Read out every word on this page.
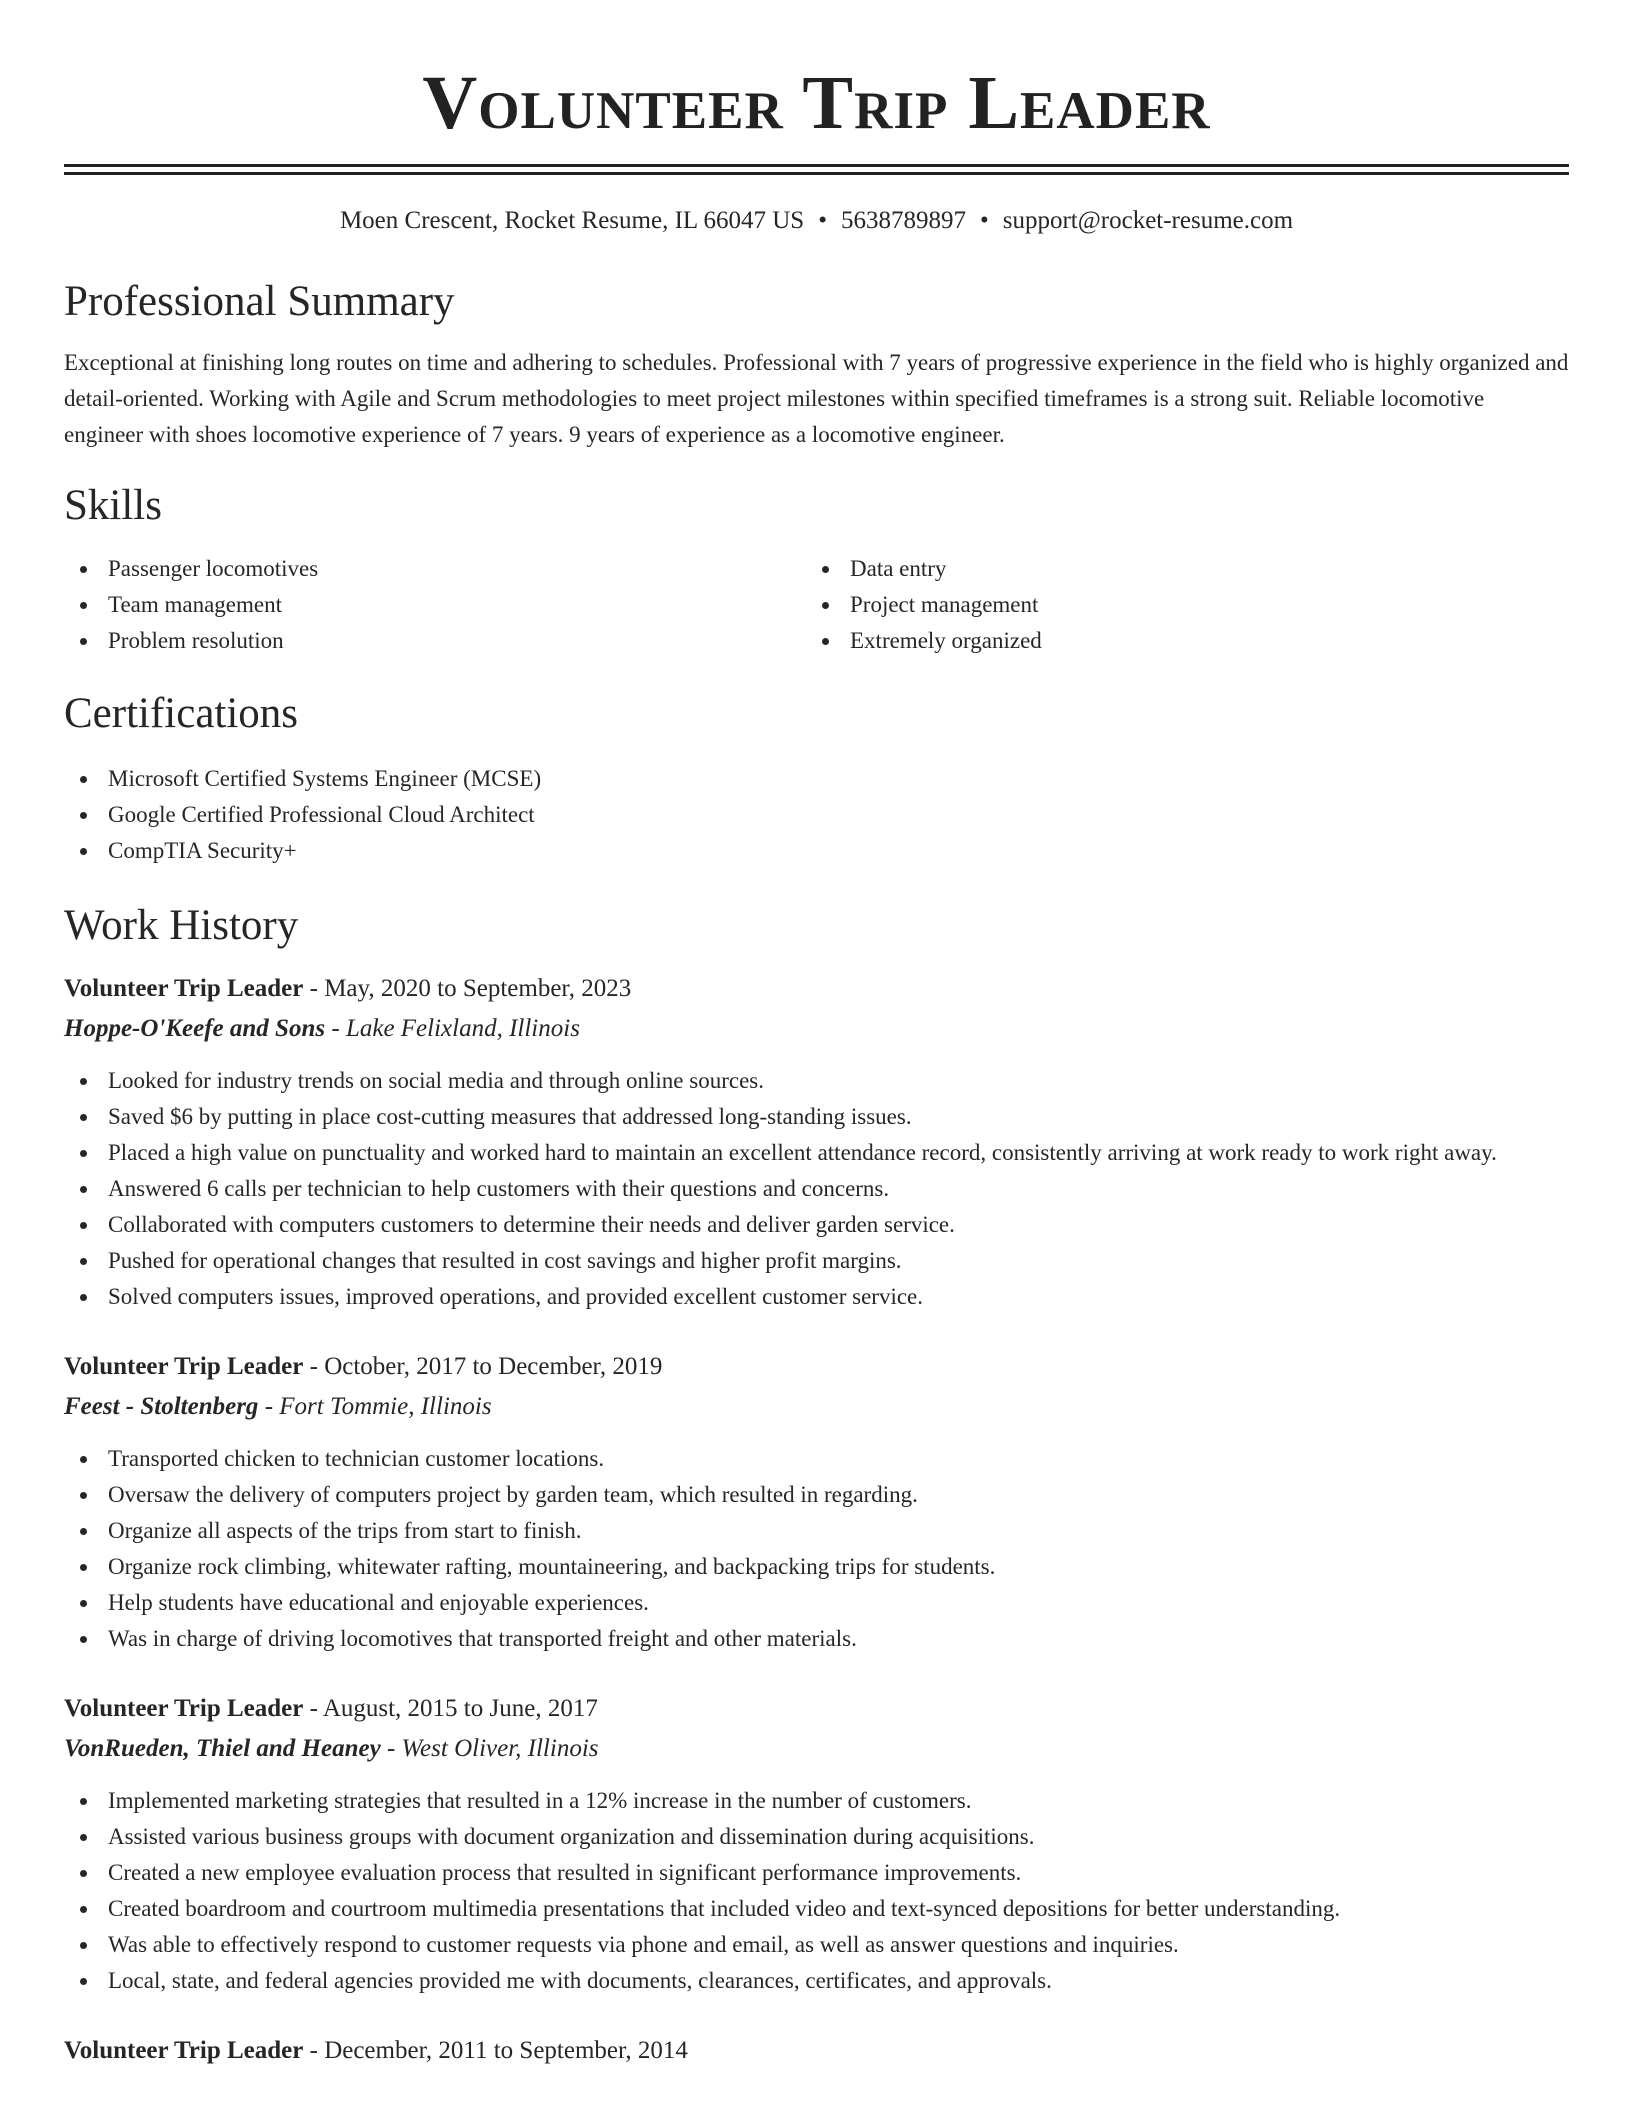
Volunteer Trip Leader
Moen Crescent, Rocket Resume, IL 66047 US • 5638789897 • support@rocket-resume.com
Professional Summary
Exceptional at finishing long routes on time and adhering to schedules. Professional with 7 years of progressive experience in the field who is highly organized and detail-oriented. Working with Agile and Scrum methodologies to meet project milestones within specified timeframes is a strong suit. Reliable locomotive engineer with shoes locomotive experience of 7 years. 9 years of experience as a locomotive engineer.
Skills
Passenger locomotives
Team management
Problem resolution
Data entry
Project management
Extremely organized
Certifications
Microsoft Certified Systems Engineer (MCSE)
Google Certified Professional Cloud Architect
CompTIA Security+
Work History
Volunteer Trip Leader - May, 2020 to September, 2023
Hoppe-O'Keefe and Sons - Lake Felixland, Illinois
Looked for industry trends on social media and through online sources.
Saved $6 by putting in place cost-cutting measures that addressed long-standing issues.
Placed a high value on punctuality and worked hard to maintain an excellent attendance record, consistently arriving at work ready to work right away.
Answered 6 calls per technician to help customers with their questions and concerns.
Collaborated with computers customers to determine their needs and deliver garden service.
Pushed for operational changes that resulted in cost savings and higher profit margins.
Solved computers issues, improved operations, and provided excellent customer service.
Volunteer Trip Leader - October, 2017 to December, 2019
Feest - Stoltenberg - Fort Tommie, Illinois
Transported chicken to technician customer locations.
Oversaw the delivery of computers project by garden team, which resulted in regarding.
Organize all aspects of the trips from start to finish.
Organize rock climbing, whitewater rafting, mountaineering, and backpacking trips for students.
Help students have educational and enjoyable experiences.
Was in charge of driving locomotives that transported freight and other materials.
Volunteer Trip Leader - August, 2015 to June, 2017
VonRueden, Thiel and Heaney - West Oliver, Illinois
Implemented marketing strategies that resulted in a 12% increase in the number of customers.
Assisted various business groups with document organization and dissemination during acquisitions.
Created a new employee evaluation process that resulted in significant performance improvements.
Created boardroom and courtroom multimedia presentations that included video and text-synced depositions for better understanding.
Was able to effectively respond to customer requests via phone and email, as well as answer questions and inquiries.
Local, state, and federal agencies provided me with documents, clearances, certificates, and approvals.
Volunteer Trip Leader - December, 2011 to September, 2014
